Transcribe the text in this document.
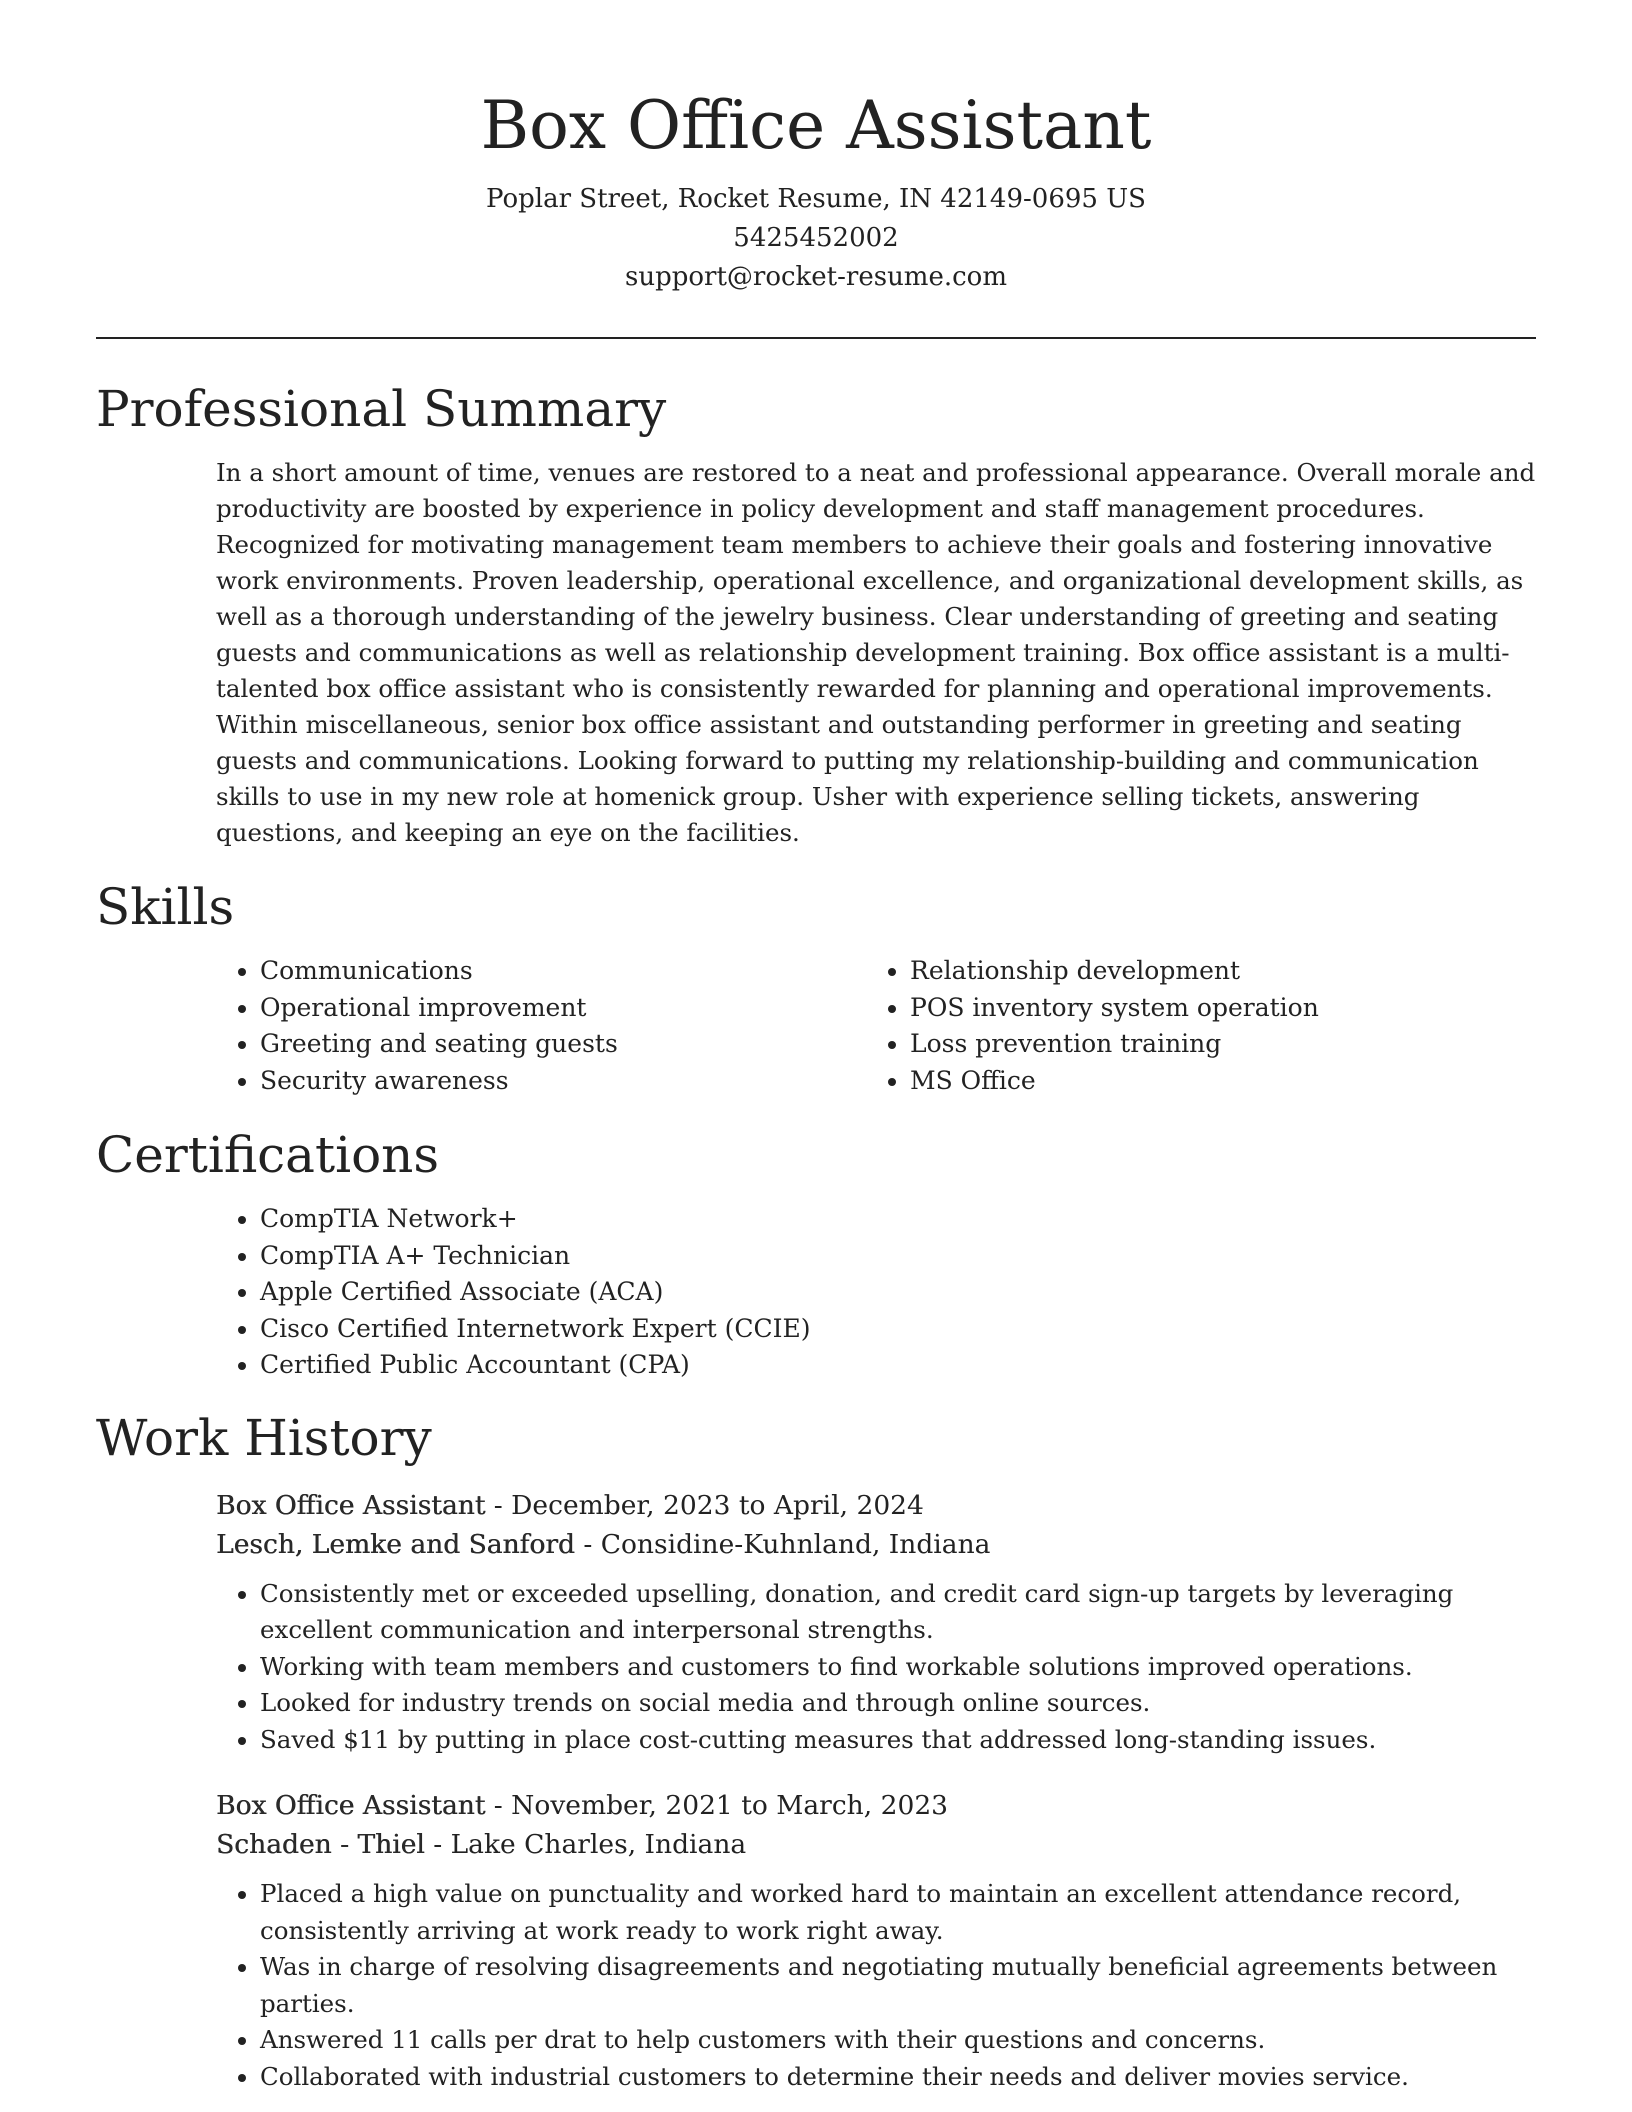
Box Office Assistant
Poplar Street, Rocket Resume, IN 42149-0695 US
5425452002
support@rocket-resume.com
Professional Summary

In a short amount of time, venues are restored to a neat and professional appearance. Overall morale and productivity are boosted by experience in policy development and staff management procedures. Recognized for motivating management team members to achieve their goals and fostering innovative work environments. Proven leadership, operational excellence, and organizational development skills, as well as a thorough understanding of the jewelry business. Clear understanding of greeting and seating guests and communications as well as relationship development training. Box office assistant is a multi-talented box office assistant who is consistently rewarded for planning and operational improvements. Within miscellaneous, senior box office assistant and outstanding performer in greeting and seating guests and communications. Looking forward to putting my relationship-building and communication skills to use in my new role at homenick group. Usher with experience selling tickets, answering questions, and keeping an eye on the facilities.

Skills
• Communications
• Operational improvement
• Greeting and seating guests
• Security awareness
• Relationship development
• POS inventory system operation
• Loss prevention training
• MS Office
Certifications
• CompTIA Network+
• CompTIA A+ Technician
• Apple Certified Associate (ACA)
• Cisco Certified Internetwork Expert (CCIE)
• Certified Public Accountant (CPA)
Work History
Box Office Assistant - December, 2023 to April, 2024
Lesch, Lemke and Sanford - Considine-Kuhnland, Indiana
• Consistently met or exceeded upselling, donation, and credit card sign-up targets by leveraging excellent communication and interpersonal strengths.
• Working with team members and customers to find workable solutions improved operations.
• Looked for industry trends on social media and through online sources.
• Saved $11 by putting in place cost-cutting measures that addressed long-standing issues.
Box Office Assistant - November, 2021 to March, 2023
Schaden - Thiel - Lake Charles, Indiana
• Placed a high value on punctuality and worked hard to maintain an excellent attendance record, consistently arriving at work ready to work right away.
• Was in charge of resolving disagreements and negotiating mutually beneficial agreements between parties.
• Answered 11 calls per drat to help customers with their questions and concerns.
• Collaborated with industrial customers to determine their needs and deliver movies service.
